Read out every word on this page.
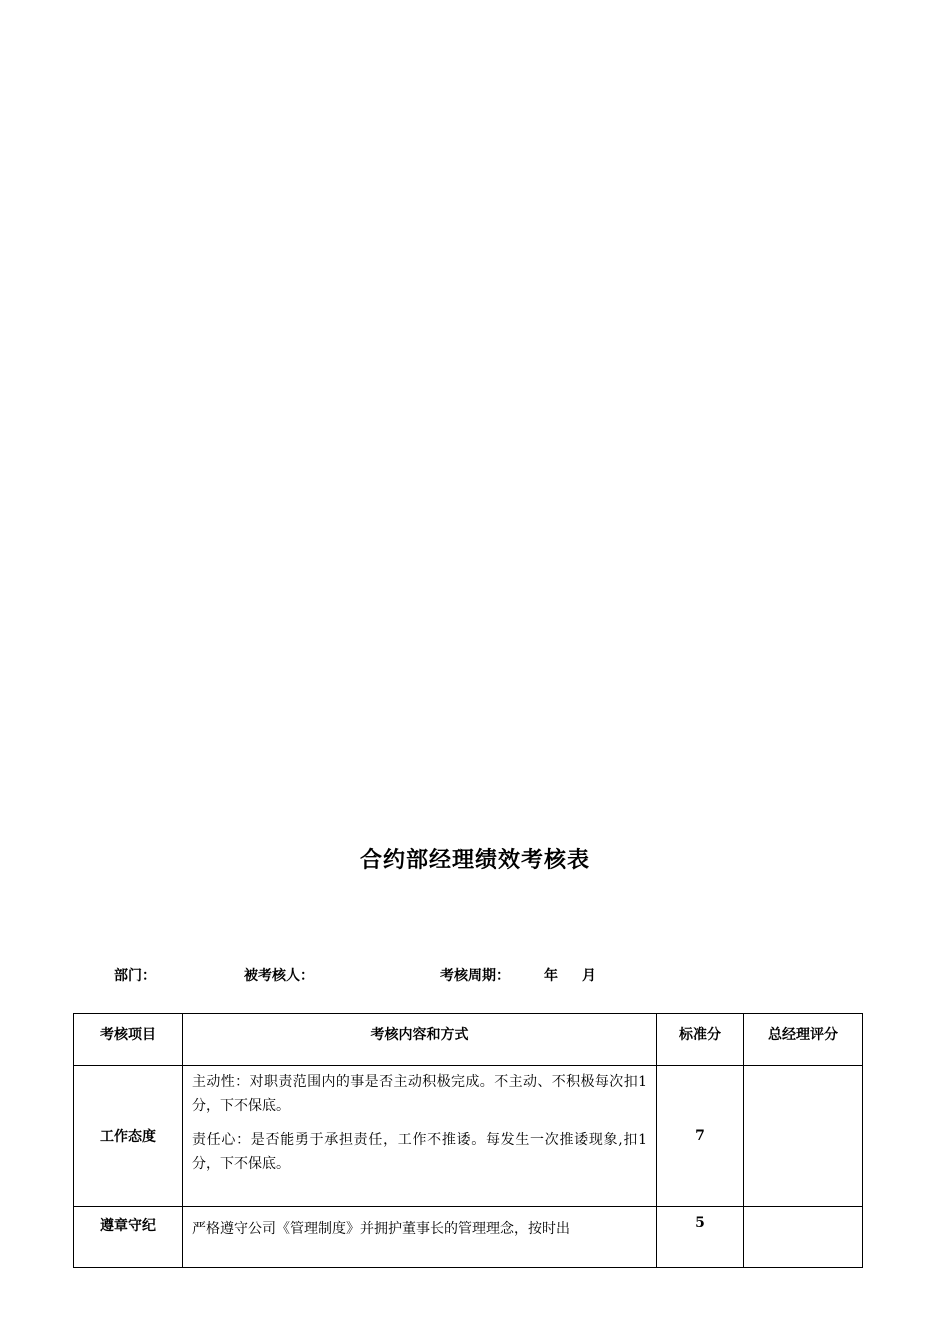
合约部经理绩效考核表
部门：	被考核人：	考核周期： 年 月
考核项目	考核内容和方式	标准分	总经理评分
工作态度	主动性：对职责范围内的事是否主动积极完成。不主动、不积极每次扣1分，下不保底。

责任心：是否能勇于承担责任，工作不推诿。每发生一次推诿现象,扣1分，下不保底。	7	
遵章守纪	严格遵守公司《管理制度》并拥护董事长的管理理念，按时出	5	
